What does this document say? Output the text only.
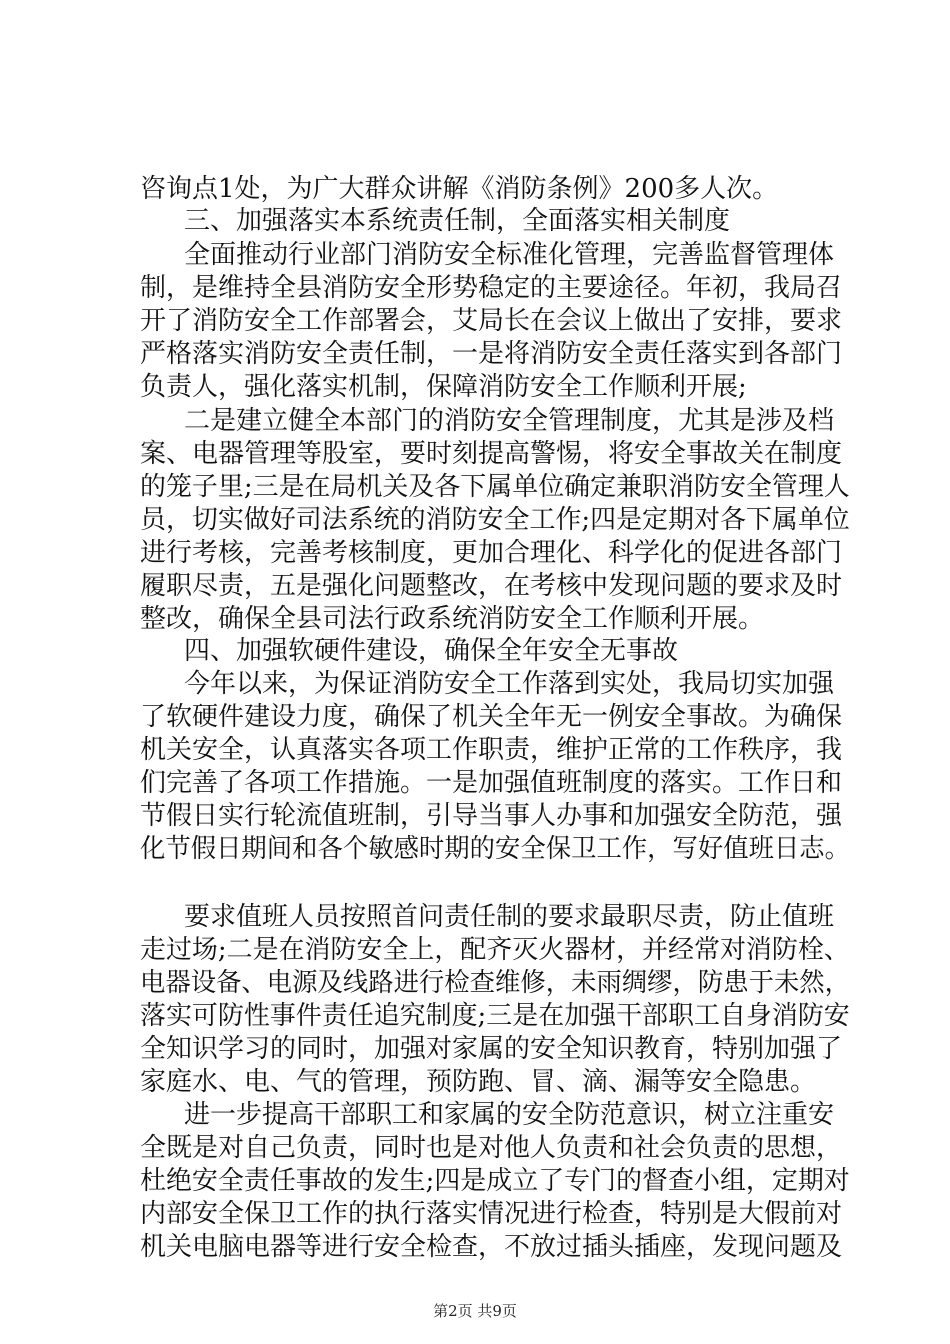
咨询点1处，为广大群众讲解《消防条例》200多人次。
三、加强落实本系统责任制，全面落实相关制度
全面推动行业部门消防安全标准化管理，完善监督管理体
制，是维持全县消防安全形势稳定的主要途径。年初，我局召
开了消防安全工作部署会，艾局长在会议上做出了安排，要求
严格落实消防安全责任制，一是将消防安全责任落实到各部门
负责人，强化落实机制，保障消防安全工作顺利开展;
二是建立健全本部门的消防安全管理制度，尤其是涉及档
案、电器管理等股室，要时刻提高警惕，将安全事故关在制度
的笼子里;三是在局机关及各下属单位确定兼职消防安全管理人
员，切实做好司法系统的消防安全工作;四是定期对各下属单位
进行考核，完善考核制度，更加合理化、科学化的促进各部门
履职尽责，五是强化问题整改，在考核中发现问题的要求及时
整改，确保全县司法行政系统消防安全工作顺利开展。
四、加强软硬件建设，确保全年安全无事故
今年以来，为保证消防安全工作落到实处，我局切实加强
了软硬件建设力度，确保了机关全年无一例安全事故。为确保
机关安全，认真落实各项工作职责，维护正常的工作秩序，我
们完善了各项工作措施。一是加强值班制度的落实。工作日和
节假日实行轮流值班制，引导当事人办事和加强安全防范，强
化节假日期间和各个敏感时期的安全保卫工作，写好值班日志。
要求值班人员按照首问责任制的要求最职尽责，防止值班
走过场;二是在消防安全上，配齐灭火器材，并经常对消防栓、
电器设备、电源及线路进行检查维修，未雨绸缪，防患于未然，
落实可防性事件责任追究制度;三是在加强干部职工自身消防安
全知识学习的同时，加强对家属的安全知识教育，特别加强了
家庭水、电、气的管理，预防跑、冒、滴、漏等安全隐患。
进一步提高干部职工和家属的安全防范意识，树立注重安
全既是对自己负责，同时也是对他人负责和社会负责的思想，
杜绝安全责任事故的发生;四是成立了专门的督查小组，定期对
内部安全保卫工作的执行落实情况进行检查，特别是大假前对
机关电脑电器等进行安全检查，不放过插头插座，发现问题及
第2页 共9页
